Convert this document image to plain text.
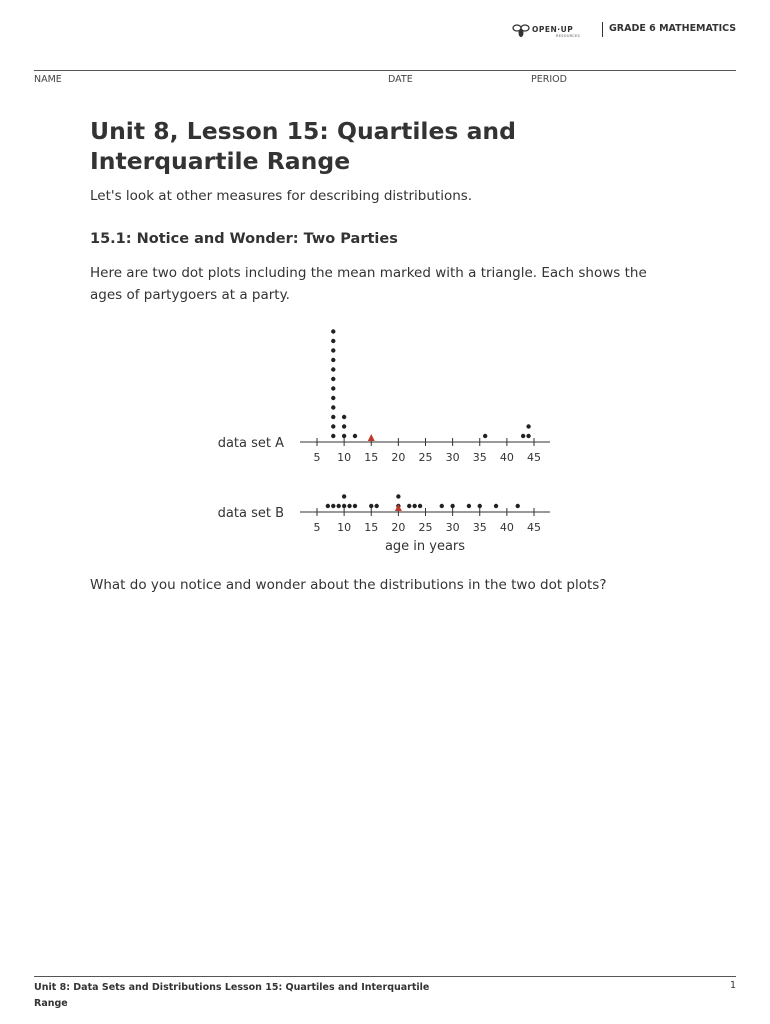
OPEN·UP
RESOURCES
GRADE 6 MATHEMATICS
NAME	DATE	PERIOD
Unit 8, Lesson 15: Quartiles and Interquartile Range
Let's look at other measures for describing distributions.
15.1: Notice and Wonder: Two Parties
Here are two dot plots including the mean marked with a triangle. Each shows the ages of partygoers at a party.
data set A
5 10 15 20 25 30 35 40 45
data set B
5 10 15 20 25 30 35 40 45
age in years
What do you notice and wonder about the distributions in the two dot plots?
Unit 8: Data Sets and Distributions Lesson 15: Quartiles and Interquartile Range
1
